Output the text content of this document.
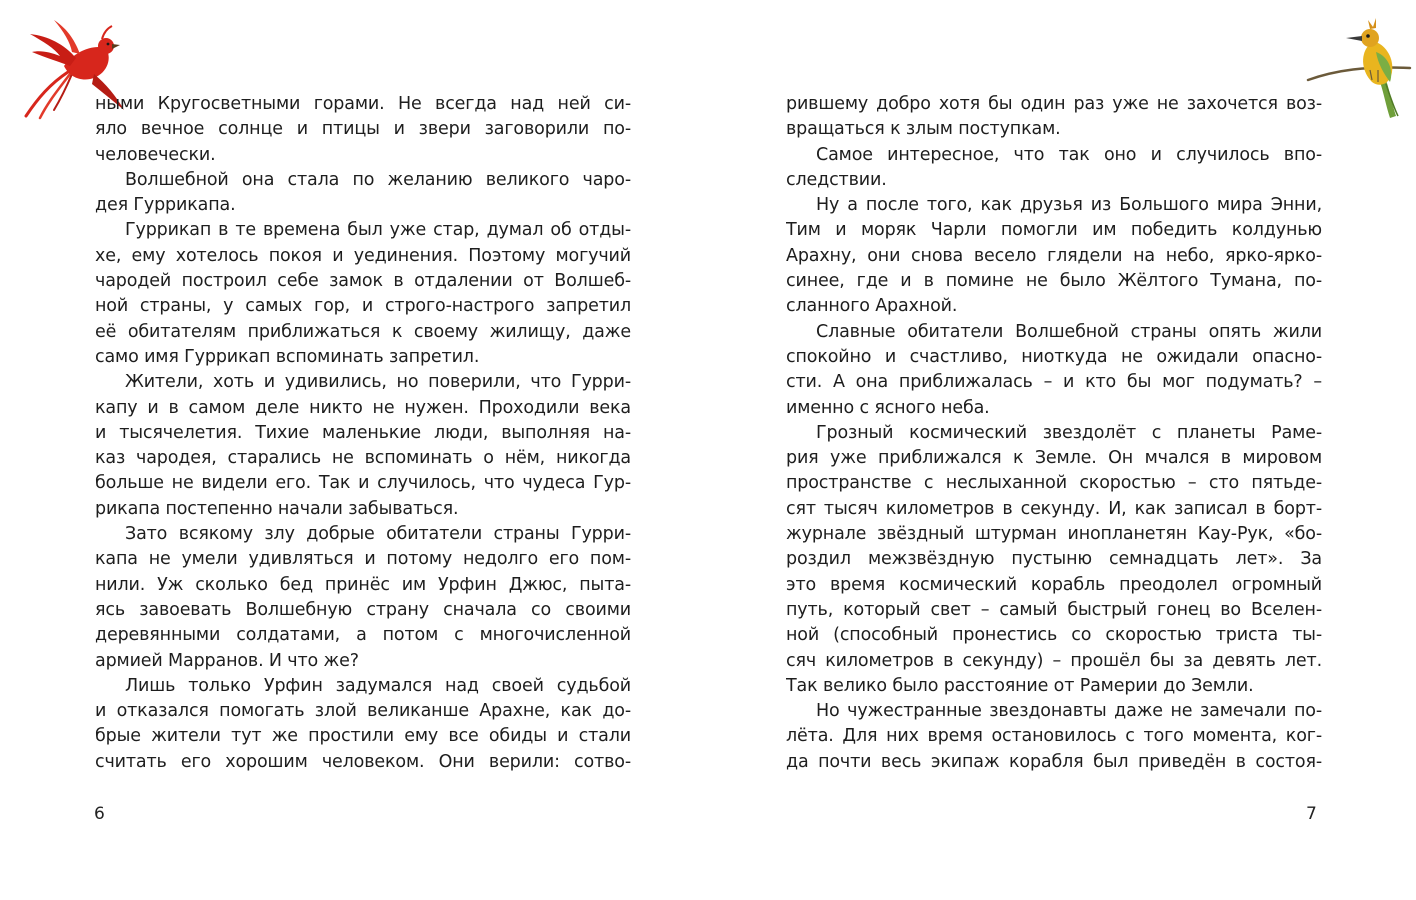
ными Кругосветными горами. Не всегда над ней си-
яло вечное солнце и птицы и звери заговорили по-
человечески.
Волшебной она стала по желанию великого чаро-
дея Гуррикапа.
Гуррикап в те времена был уже стар, думал об отды-
хе, ему хотелось покоя и уединения. Поэтому могучий
чародей построил себе замок в отдалении от Волшеб-
ной страны, у самых гор, и строго-настрого запретил
её обитателям приближаться к своему жилищу, даже
само имя Гуррикап вспоминать запретил.
Жители, хоть и удивились, но поверили, что Гурри-
капу и в самом деле никто не нужен. Проходили века
и тысячелетия. Тихие маленькие люди, выполняя на-
каз чародея, старались не вспоминать о нём, никогда
больше не видели его. Так и случилось, что чудеса Гур-
рикапа постепенно начали забываться.
Зато всякому злу добрые обитатели страны Гурри-
капа не умели удивляться и потому недолго его пом-
нили. Уж сколько бед принёс им Урфин Джюс, пыта-
ясь завоевать Волшебную страну сначала со своими
деревянными солдатами, а потом с многочисленной
армией Марранов. И что же?
Лишь только Урфин задумался над своей судьбой
и отказался помогать злой великанше Арахне, как до-
брые жители тут же простили ему все обиды и стали
считать его хорошим человеком. Они верили: сотво-
6
рившему добро хотя бы один раз уже не захочется воз-
вращаться к злым поступкам.
Самое интересное, что так оно и случилось впо-
следствии.
Ну а после того, как друзья из Большого мира Энни,
Тим и моряк Чарли помогли им победить колдунью
Арахну, они снова весело глядели на небо, ярко-ярко-
синее, где и в помине не было Жёлтого Тумана, по-
сланного Арахной.
Славные обитатели Волшебной страны опять жили
спокойно и счастливо, ниоткуда не ожидали опасно-
сти. А она приближалась – и кто бы мог подумать? –
именно с ясного неба.
Грозный космический звездолёт с планеты Раме-
рия уже приближался к Земле. Он мчался в мировом
пространстве с неслыханной скоростью – сто пятьде-
сят тысяч километров в секунду. И, как записал в борт-
журнале звёздный штурман инопланетян Кау-Рук, «бо-
роздил межзвёздную пустыню семнадцать лет». За
это время космический корабль преодолел огромный
путь, который свет – самый быстрый гонец во Вселен-
ной (способный пронестись со скоростью триста ты-
сяч километров в секунду) – прошёл бы за девять лет.
Так велико было расстояние от Рамерии до Земли.
Но чужестранные звездонавты даже не замечали по-
лёта. Для них время остановилось с того момента, ког-
да почти весь экипаж корабля был приведён в состоя-
7
